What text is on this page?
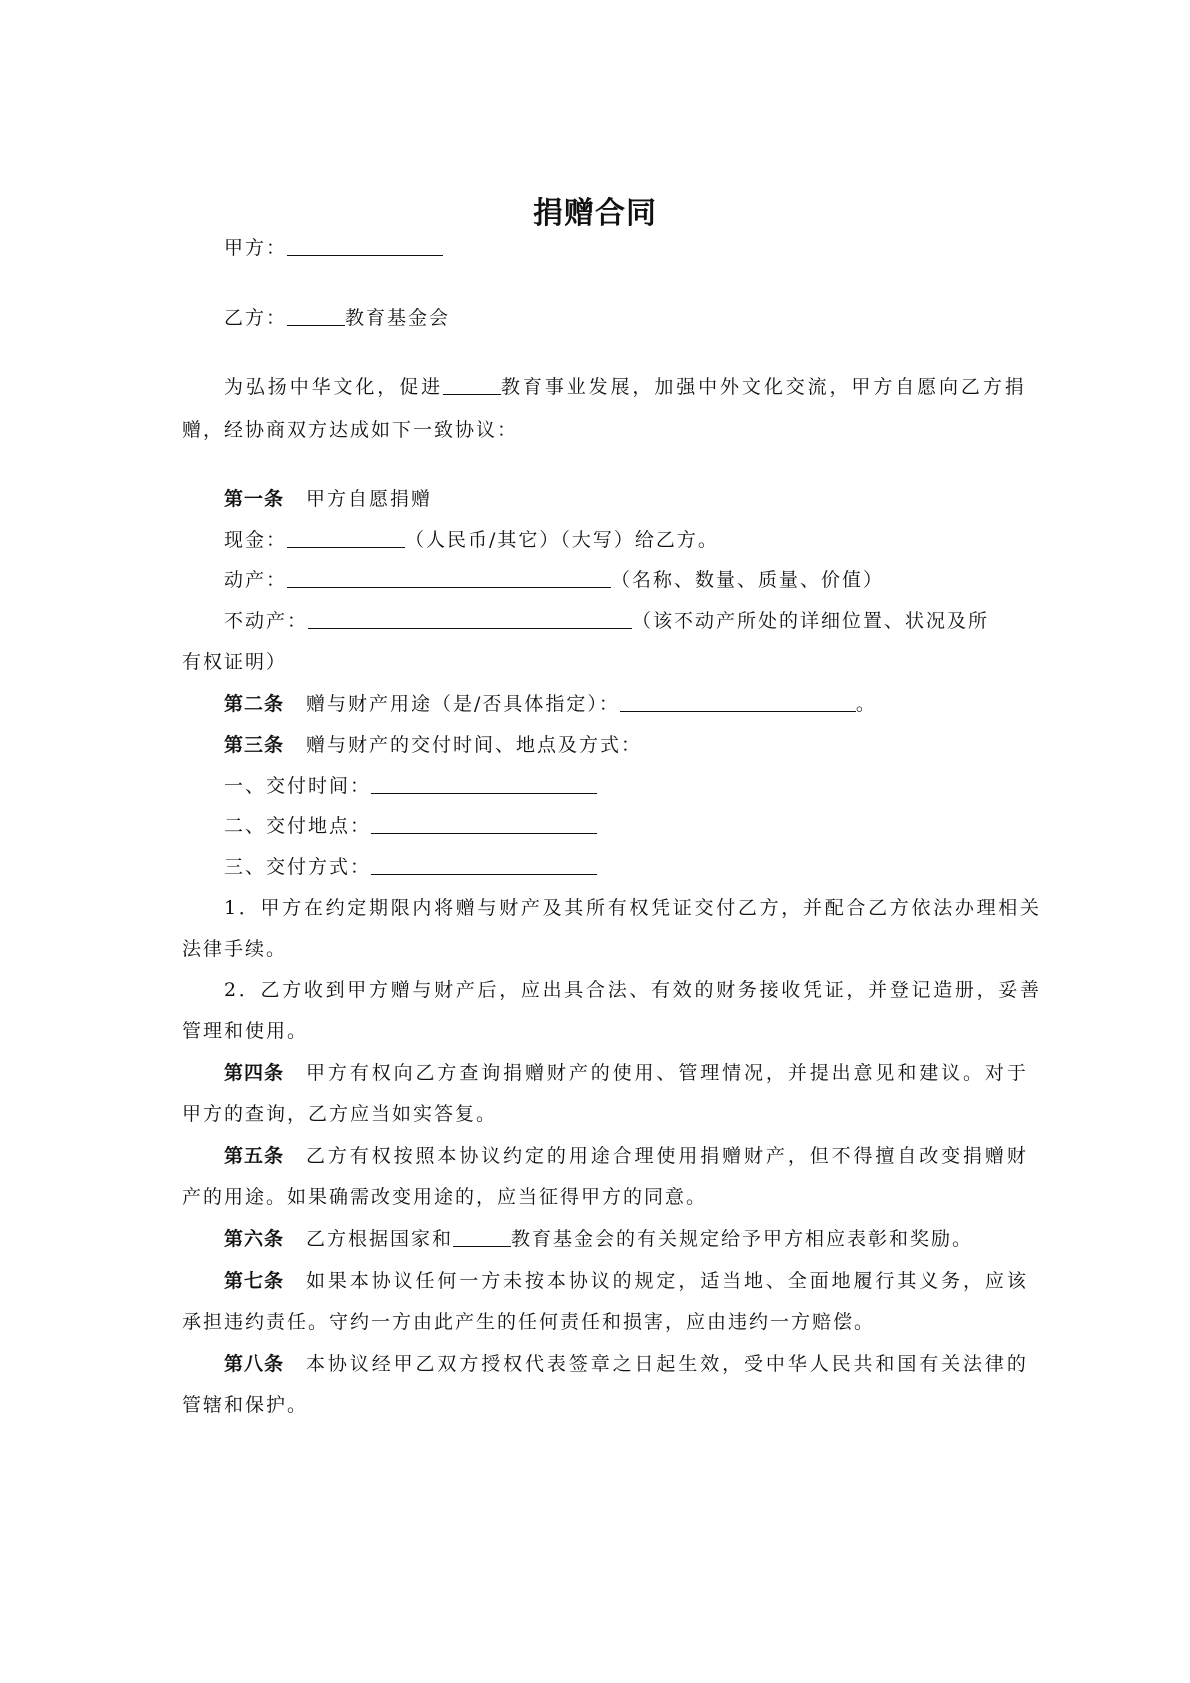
捐赠合同
甲方：
乙方：	教育基金会
为弘扬中华文化，促进	教育事业发展，加强中外文化交流，甲方自愿向乙方捐
赠，经协商双方达成如下一致协议：
第一条 甲方自愿捐赠
现金：	（人民币/其它）（大写）给乙方。
动产：	（名称、数量、质量、价值）
不动产：	（该不动产所处的详细位置、状况及所
有权证明）
第二条 赠与财产用途（是/否具体指定）：	。
第三条 赠与财产的交付时间、地点及方式：
一、交付时间：
二、交付地点：
三、交付方式：
1．甲方在约定期限内将赠与财产及其所有权凭证交付乙方，并配合乙方依法办理相关
法律手续。
2．乙方收到甲方赠与财产后，应出具合法、有效的财务接收凭证，并登记造册，妥善
管理和使用。
第四条 甲方有权向乙方查询捐赠财产的使用、管理情况，并提出意见和建议。对于
甲方的查询，乙方应当如实答复。
第五条 乙方有权按照本协议约定的用途合理使用捐赠财产，但不得擅自改变捐赠财
产的用途。如果确需改变用途的，应当征得甲方的同意。
第六条 乙方根据国家和	教育基金会的有关规定给予甲方相应表彰和奖励。
第七条 如果本协议任何一方未按本协议的规定，适当地、全面地履行其义务，应该
承担违约责任。守约一方由此产生的任何责任和损害，应由违约一方赔偿。
第八条 本协议经甲乙双方授权代表签章之日起生效，受中华人民共和国有关法律的
管辖和保护。
